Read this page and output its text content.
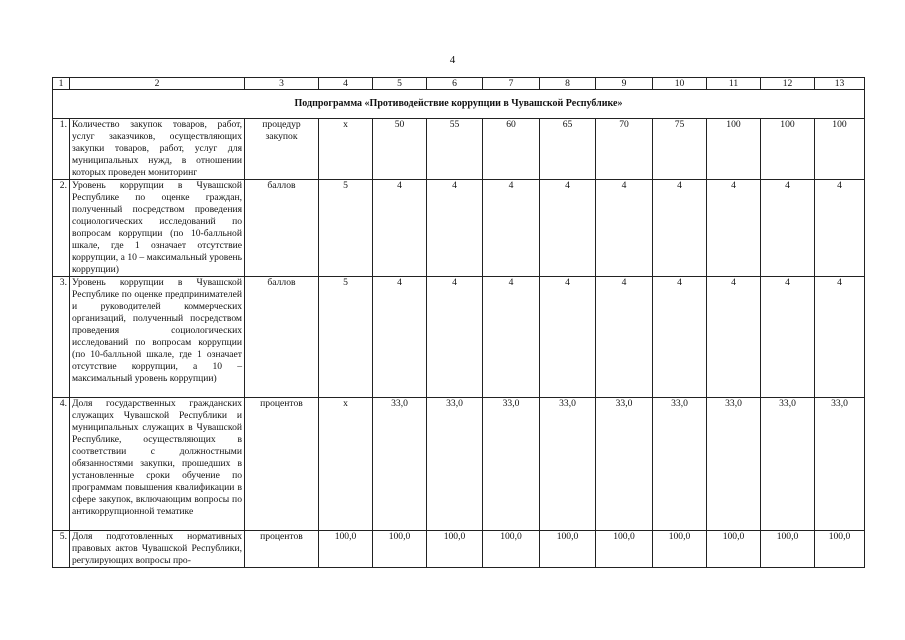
4
1	2	3	4	5	6	7	8	9	10	11	12	13
Подпрограмма «Противодействие коррупции в Чувашской Республике»												
1.	Количество закупок товаров, работ, услуг заказчиков, осуществляющих закупки товаров, работ, услуг для муниципальных нужд, в отношении которых проведен мониторинг	процедур закупок	х	50	55	60	65	70	75	100	100	100
2.	Уровень коррупции в Чувашской Республике по оценке граждан, полученный посредством проведения социологических исследований по вопросам коррупции (по 10-балльной шкале, где 1 означает отсутствие коррупции, а 10 – максимальный уровень коррупции)	баллов	5	4	4	4	4	4	4	4	4	4
3.	Уровень коррупции в Чувашской Республике по оценке предпринимателей и руководителей коммерческих организаций, полученный посредством проведения социологических исследований по вопросам коррупции (по 10-балльной шкале, где 1 означает отсутствие коррупции, а 10 – максимальный уровень коррупции)	баллов	5	4	4	4	4	4	4	4	4	4
4.	Доля государственных гражданских служащих Чувашской Республики и муниципальных служащих в Чувашской Республике, осуществляющих в соответствии с должностными обязанностями закупки, прошедших в установленные сроки обучение по программам повышения квалификации в сфере закупок, включающим вопросы по антикоррупционной тематике	процентов	х	33,0	33,0	33,0	33,0	33,0	33,0	33,0	33,0	33,0
5.	Доля подготовленных нормативных правовых актов Чувашской Республики, регулирующих вопросы про-	процентов	100,0	100,0	100,0	100,0	100,0	100,0	100,0	100,0	100,0	100,0
